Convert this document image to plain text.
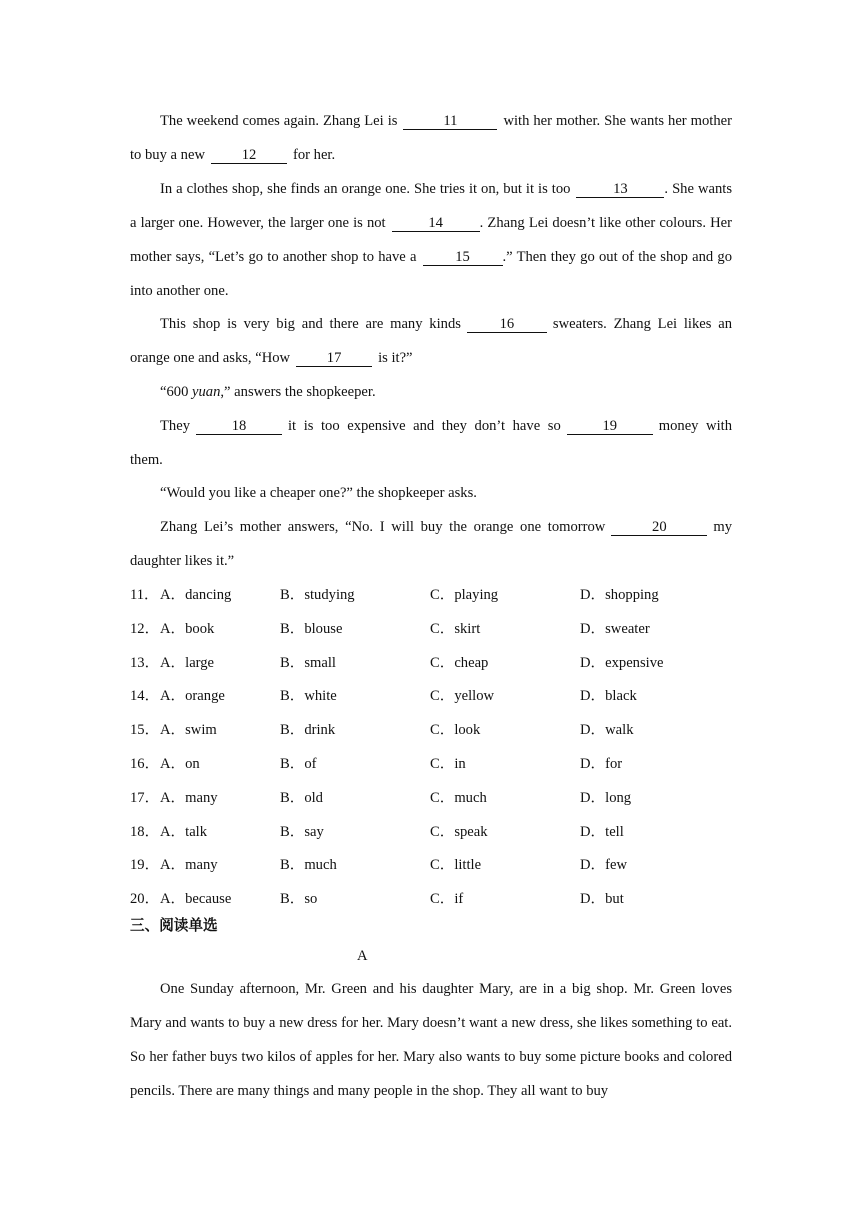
The weekend comes again. Zhang Lei is	11	with her mother. She wants her mother to buy a new	12	for her.

In a clothes shop, she finds an orange one. She tries it on, but it is too	13	. She wants a larger one. However, the larger one is not	14	. Zhang Lei doesn’t like other colours. Her mother says, “Let’s go to another shop to have a	15 .” Then they go out of the shop and go into another one.

This shop is very big and there are many kinds	16	sweaters. Zhang Lei likes an orange one and asks, “How	17	is it?”

“600 yuan,” answers the shopkeeper.

They	18	it is too expensive and they don’t have so	19	money with them.

“Would you like a cheaper one?” the shopkeeper asks.

Zhang Lei’s mother answers, “No. I will buy the orange one tomorrow	20	my daughter likes it.”

11． A．dancing	B．studying	C．playing	D．shopping
12． A．book	B．blouse	C．skirt	D．sweater
13． A．large	B．small	C．cheap	D．expensive
14． A．orange	B．white	C．yellow	D．black
15． A．swim	B．drink	C．look	D．walk
16． A．on	B．of	C．in	D．for
17． A．many	B．old	C．much	D．long
18． A．talk	B．say	C．speak	D．tell
19． A．many	B．much	C．little	D．few
20． A．because	B．so	C．if	D．but
三、阅读单选
A

One Sunday afternoon, Mr. Green and his daughter Mary, are in a big shop. Mr. Green loves Mary and wants to buy a new dress for her. Mary doesn’t want a new dress, she likes something to eat. So her father buys two kilos of apples for her. Mary also wants to buy some picture books and colored pencils. There are many things and many people in the shop. They all want to buy
